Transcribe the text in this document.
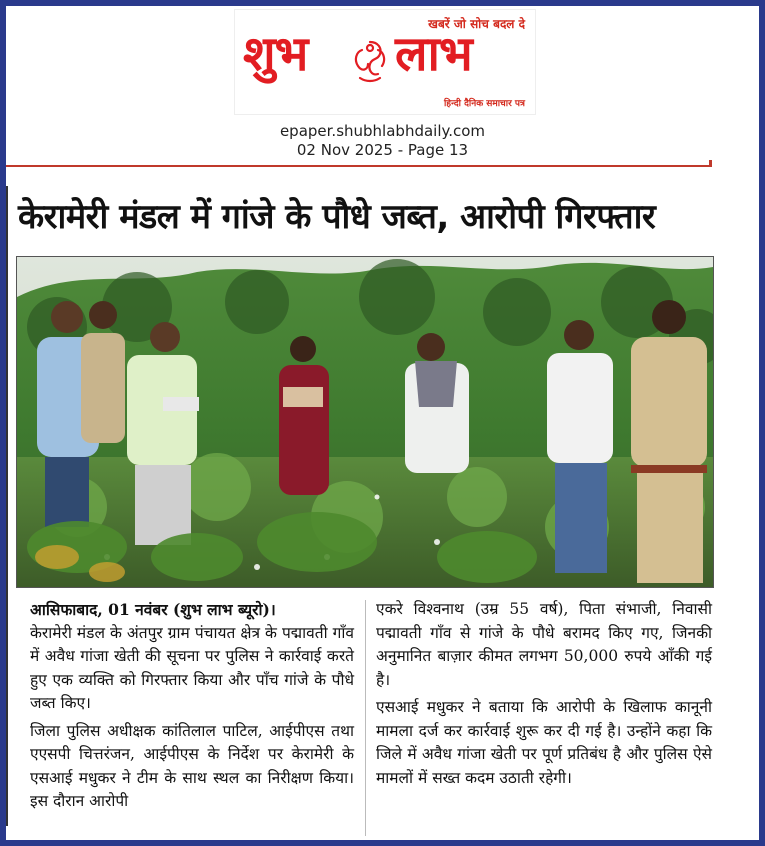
खबरें जो सोच बदल दे
शुभ लाभ
हिन्दी दैनिक समाचार पत्र
epaper.shubhlabhdaily.com
02 Nov 2025 - Page 13
केरामेरी मंडल में गांजे के पौधे जब्त, आरोपी गिरफ्तार

आसिफाबाद, 01 नवंबर (शुभ लाभ ब्यूरो)।

केरामेरी मंडल के अंतपुर ग्राम पंचायत क्षेत्र के पद्मावती गाँव में अवैध गांजा खेती की सूचना पर पुलिस ने कार्रवाई करते हुए एक व्यक्ति को गिरफ्तार किया और पाँच गांजे के पौधे जब्त किए।

जिला पुलिस अधीक्षक कांतिलाल पाटिल, आईपीएस तथा एएसपी चित्तरंजन, आईपीएस के निर्देश पर केरामेरी के एसआई मधुकर ने टीम के साथ स्थल का निरीक्षण किया। इस दौरान आरोपी

एकरे विश्वनाथ (उम्र 55 वर्ष), पिता संभाजी, निवासी पद्मावती गाँव से गांजे के पौधे बरामद किए गए, जिनकी अनुमानित बाज़ार कीमत लगभग 50,000 रुपये आँकी गई है।

एसआई मधुकर ने बताया कि आरोपी के खिलाफ कानूनी मामला दर्ज कर कार्रवाई शुरू कर दी गई है। उन्होंने कहा कि जिले में अवैध गांजा खेती पर पूर्ण प्रतिबंध है और पुलिस ऐसे मामलों में सख्त कदम उठाती रहेगी।
